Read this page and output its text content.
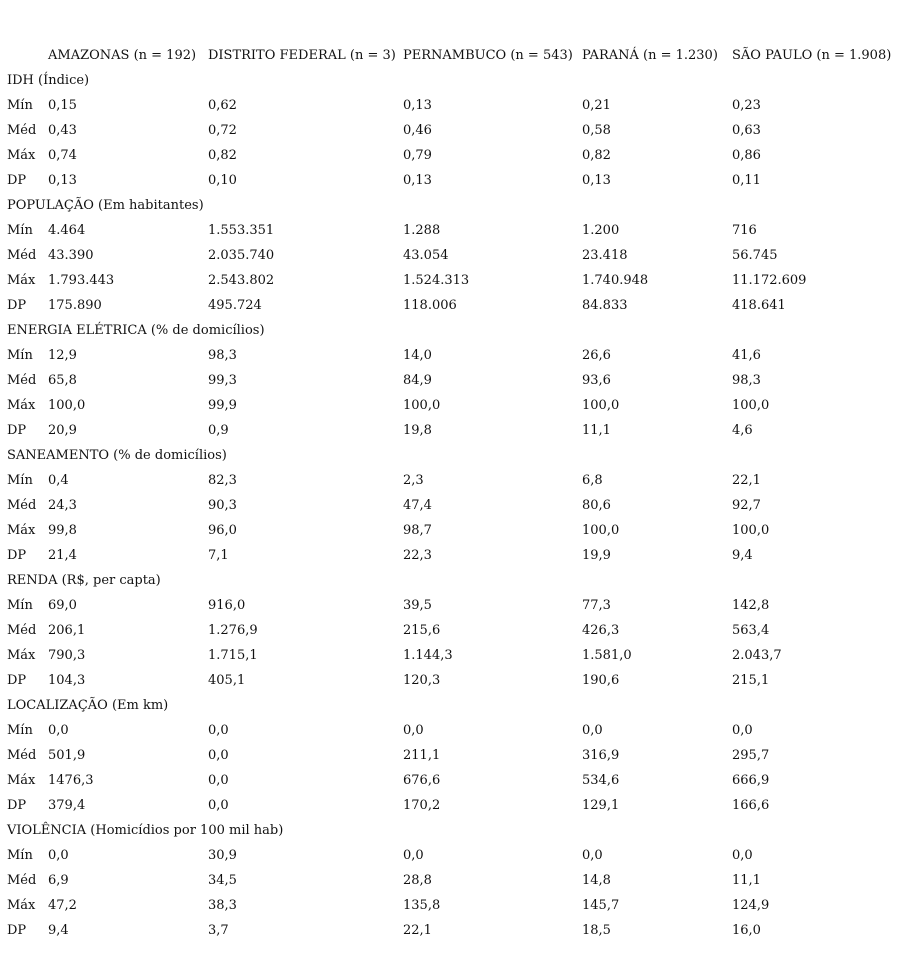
AMAZONAS (n = 192) DISTRITO FEDERAL (n = 3) PERNAMBUCO (n = 543) PARANÁ (n = 1.230) SÃO PAULO (n = 1.908)
IDH (Índice)
Mín 0,15	0,62	0,13	0,21	0,23
Méd 0,43	0,72	0,46	0,58	0,63
Máx 0,74	0,82	0,79	0,82	0,86
DP 0,13	0,10	0,13	0,13	0,11
POPULAÇÃO (Em habitantes)
Mín 4.464	1.553.351	1.288	1.200	716
Méd 43.390	2.035.740	43.054	23.418	56.745
Máx 1.793.443	2.543.802	1.524.313	1.740.948	11.172.609
DP 175.890	495.724	118.006	84.833	418.641
ENERGIA ELÉTRICA (% de domicílios)
Mín 12,9	98,3	14,0	26,6	41,6
Méd 65,8	99,3	84,9	93,6	98,3
Máx 100,0	99,9	100,0	100,0	100,0
DP 20,9	0,9	19,8	11,1	4,6
SANEAMENTO (% de domicílios)
Mín 0,4	82,3	2,3	6,8	22,1
Méd 24,3	90,3	47,4	80,6	92,7
Máx 99,8	96,0	98,7	100,0	100,0
DP 21,4	7,1	22,3	19,9	9,4
RENDA (R$, per capta)
Mín 69,0	916,0	39,5	77,3	142,8
Méd 206,1	1.276,9	215,6	426,3	563,4
Máx 790,3	1.715,1	1.144,3	1.581,0	2.043,7
DP 104,3	405,1	120,3	190,6	215,1
LOCALIZAÇÃO (Em km)
Mín 0,0	0,0	0,0	0,0	0,0
Méd 501,9	0,0	211,1	316,9	295,7
Máx 1476,3	0,0	676,6	534,6	666,9
DP 379,4	0,0	170,2	129,1	166,6
VIOLÊNCIA (Homicídios por 100 mil hab)
Mín 0,0	30,9	0,0	0,0	0,0
Méd 6,9	34,5	28,8	14,8	11,1
Máx 47,2	38,3	135,8	145,7	124,9
DP 9,4	3,7	22,1	18,5	16,0
